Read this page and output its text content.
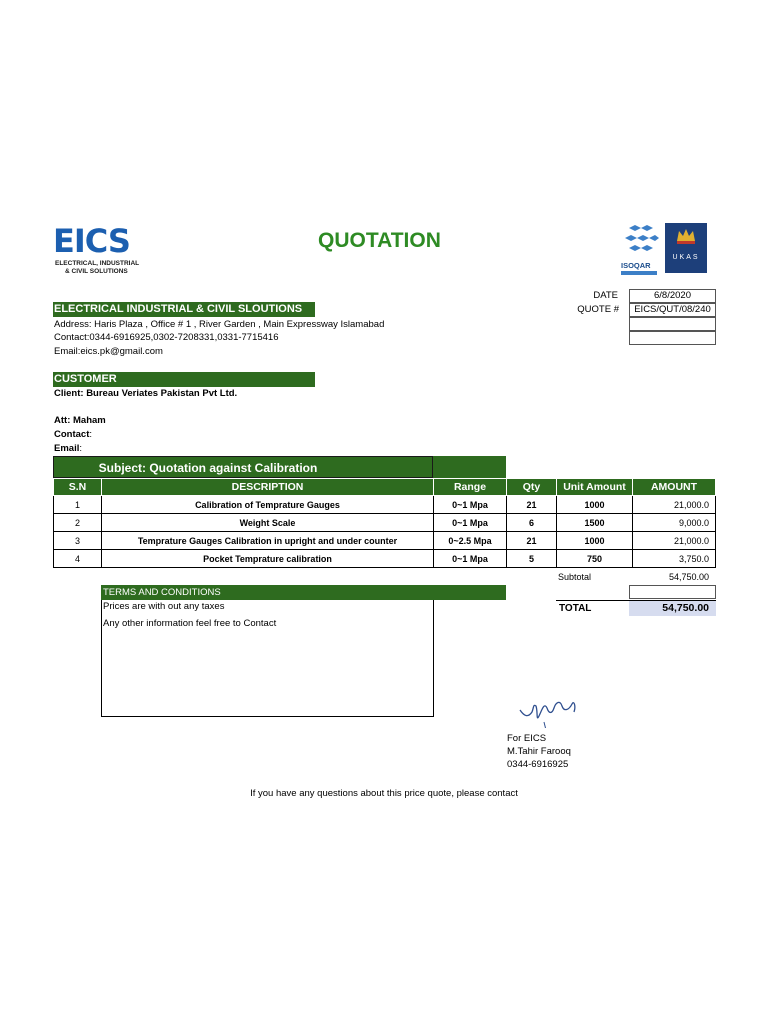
EICS
ELECTRICAL, INDUSTRIAL
& CIVIL SOLUTIONS
QUOTATION
ISOQAR
UKAS
ELECTRICAL INDUSTRIAL & CIVIL SLOUTIONS
Address: Haris Plaza , Office # 1 , River Garden , Main Expressway Islamabad
Contact:0344-6916925,0302-7208331,0331-7715416
Email:eics.pk@gmail.com
DATE	6/8/2020
QUOTE #	EICS/QUT/08/240
CUSTOMER
Client: Bureau Veriates Pakistan Pvt Ltd.
Att: Maham
Contact:
Email:
Subject: Quotation against Calibration
S.N	DESCRIPTION	Range	Qty	Unit Amount	AMOUNT
1	Calibration of Temprature Gauges	0~1 Mpa	21	1000	21,000.0
2	Weight Scale	0~1 Mpa	6	1500	9,000.0
3	Temprature Gauges Calibration in upright and under counter	0~2.5 Mpa	21	1000	21,000.0
4	Pocket Temprature calibration	0~1 Mpa	5	750	3,750.0
Subtotal	54,750.00
TOTAL	54,750.00
TERMS AND CONDITIONS
Prices are with out any taxes
Any other information feel free to Contact
For EICS
M.Tahir Farooq
0344-6916925
If you have any questions about this price quote, please contact
